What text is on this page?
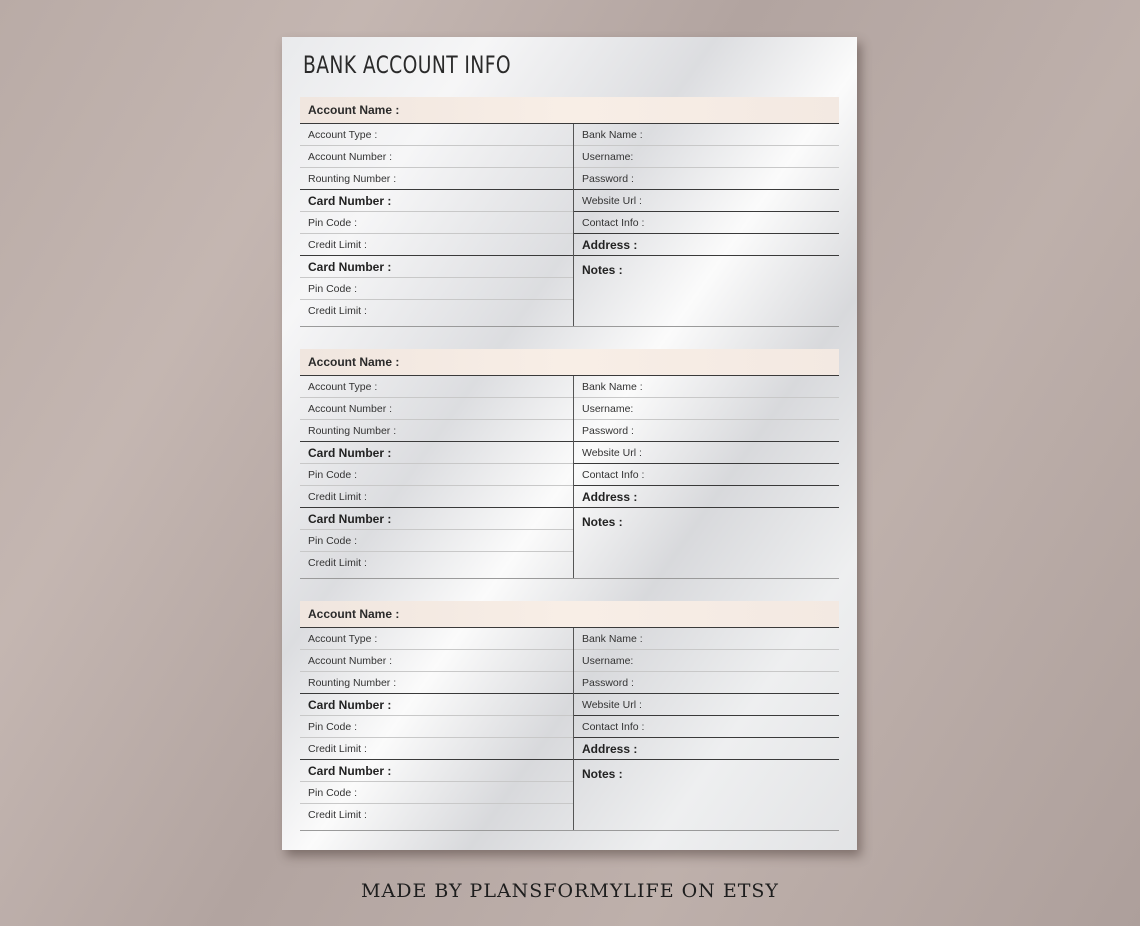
BANK ACCOUNT INFO
Account Name :
Account Type :
Account Number :
Rounting Number :
Card Number :
Pin Code :
Credit Limit :
Card Number :
Pin Code :
Credit Limit :
Bank Name :
Username:
Password :
Website Url :
Contact Info :
Address :
Notes :
Account Name :
Account Type :
Account Number :
Rounting Number :
Card Number :
Pin Code :
Credit Limit :
Card Number :
Pin Code :
Credit Limit :
Bank Name :
Username:
Password :
Website Url :
Contact Info :
Address :
Notes :
Account Name :
Account Type :
Account Number :
Rounting Number :
Card Number :
Pin Code :
Credit Limit :
Card Number :
Pin Code :
Credit Limit :
Bank Name :
Username:
Password :
Website Url :
Contact Info :
Address :
Notes :
MADE BY PLANSFORMYLIFE ON ETSY
